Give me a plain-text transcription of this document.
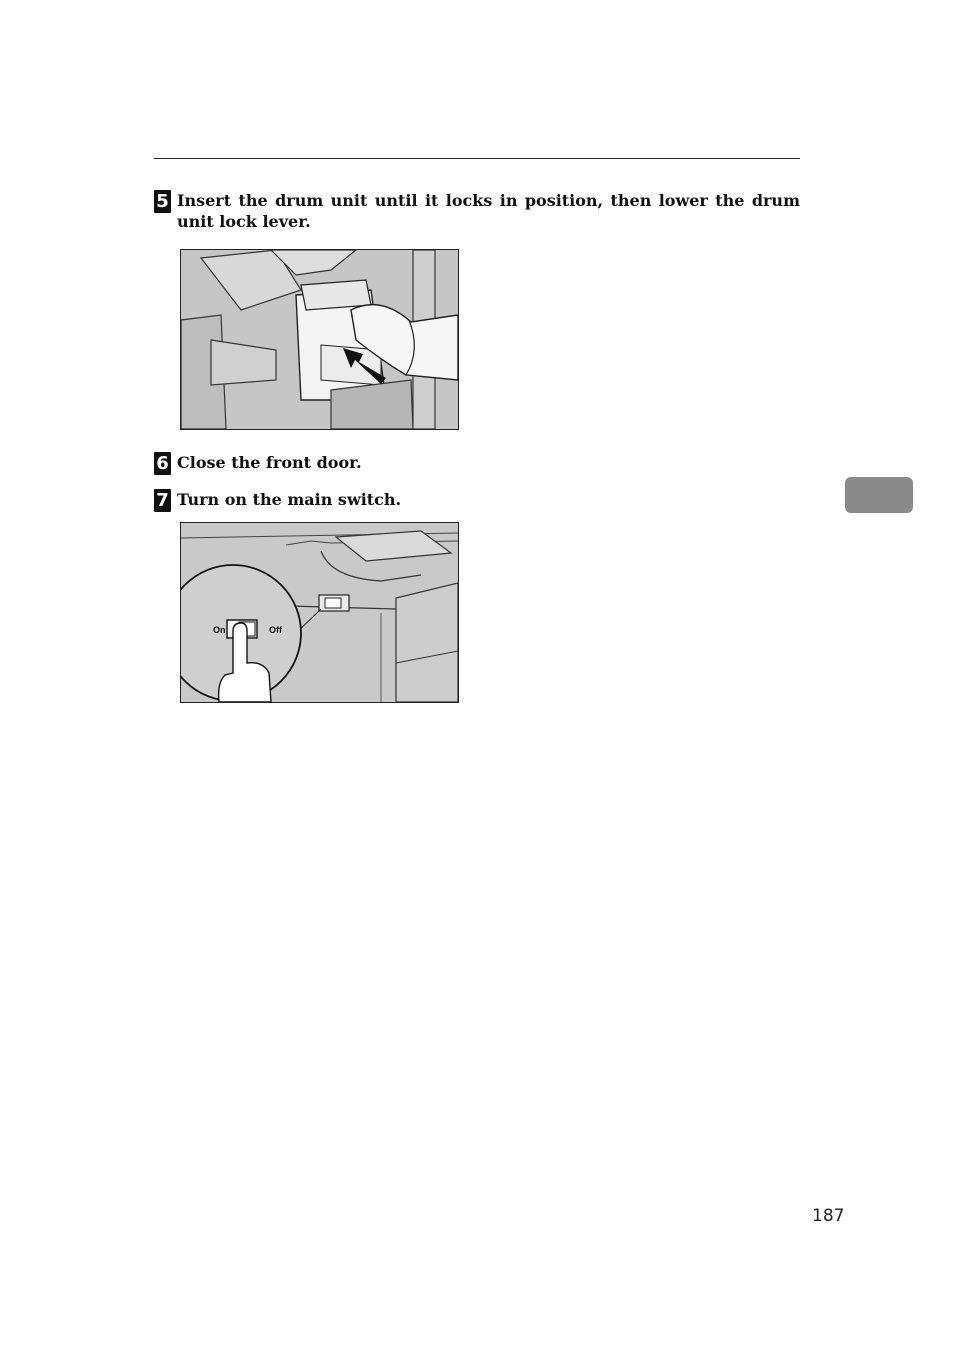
5 Insert the drum unit until it locks in position, then lower the drum unit lock lever.
6 Close the front door.
7 Turn on the main switch.
On	Off
187
